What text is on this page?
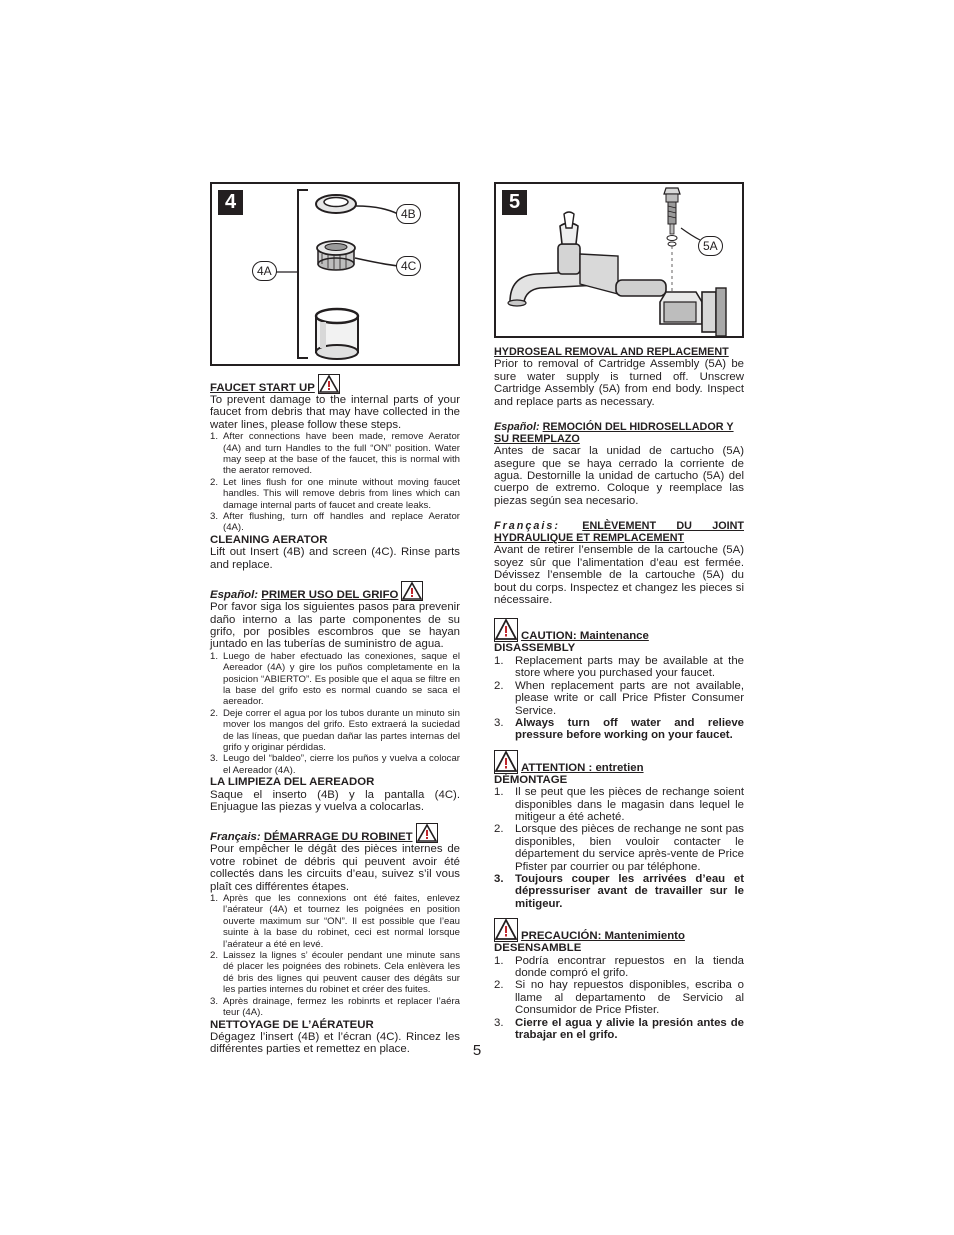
4
4B
4C
4A
FAUCET START UP

To prevent damage to the internal parts of your faucet from debris that may have collected in the water lines, please follow these steps.

1. After connections have been made, remove Aerator (4A) and turn Handles to the full “ON” position. Water may seep at the base of the faucet, this is normal with the aerator removed.
2. Let lines flush for one minute without moving faucet handles. This will remove debris from lines which can damage internal parts of faucet and create leaks.
3. After flushing, turn off handles and replace Aerator (4A).
CLEANING AERATOR

Lift out Insert (4B) and screen (4C). Rinse parts and replace.

Español: PRIMER USO DEL GRIFO

Por favor siga los siguientes pasos para prevenir daño interno a las parte componentes de su grifo, por posibles escombros que se hayan juntado en las tuberías de suministro de agua.

1. Luego de haber efectuado las conexiones, saque el Aereador (4A) y gire los puños completamente en la posicion “ABIERTO”. Es posible que el aqua se filtre en la base del grifo esto es normal cuando se saca el aereador.
2. Deje correr el agua por los tubos durante un minuto sin mover los mangos del grifo. Esto extraerá la suciedad de las líneas, que puedan dañar las partes internas del grifo y originar pérdidas.
3. Leugo del “baldeo”, cierre los puños y vuelva a colocar el Aereador (4A).
LA LIMPIEZA DEL AEREADOR

Saque el inserto (4B) y la pantalla (4C). Enjuague las piezas y vuelva a colocarlas.

Français: DÉMARRAGE DU ROBINET

Pour empêcher le dégât des pièces internes de votre robinet de débris qui peuvent avoir été collectés dans les circuits d’eau, suivez s’il vous plaît ces différentes étapes.

1. Après que les connexions ont été faites, enlevez l’aérateur (4A) et tournez les poignées en position ouverte maximum sur “ON”. Il est possible que l’eau suinte à la base du robinet, ceci est normal lorsque l’aérateur a été en levé.
2. Laissez la lignes s’ écouler pendant une minute sans dé placer les poignées des robinets. Cela enlèvera les dé bris des lignes qui peuvent causer des dégâts sur les parties internes du robinet et créer des fuites.
3. Après drainage, fermez les robinrts et replacer l’aéra teur (4A).
NETTOYAGE DE L’AÉRATEUR

Dégagez l’insert (4B) et l’écran (4C). Rincez les différentes parties et remettez en place.

5
5A
HYDROSEAL REMOVAL AND REPLACEMENT

Prior to removal of Cartridge Assembly (5A) be sure water supply is turned off. Unscrew Cartridge Assembly (5A) from end body. Inspect and replace parts as necessary.

Español: REMOCIÓN DEL HIDROSELLADOR Y SU REEMPLAZO

Antes de sacar la unidad de cartucho (5A) asegure que se haya cerrado la corriente de agua. Destornille la unidad de cartucho (5A) del cuerpo de extremo. Coloque y reemplace las piezas según sea necesario.

Français: ENLÈVEMENT DU JOINT HYDRAULIQUE ET REMPLACEMENT

Avant de retirer l’ensemble de la cartouche (5A) soyez sûr que l’alimentation d’eau est fermée. Dévissez l’ensemble de la cartouche (5A) du bout du corps. Inspectez et changez les pieces si nécessaire.

CAUTION: Maintenance
DISASSEMBLY
1.	Replacement parts may be available at the store where you purchased your faucet.
2.	When replacement parts are not available, please write or call Price Pfister Consumer Service.
3.	Always turn off water and relieve pressure before working on your faucet.
ATTENTION : entretien
DÉMONTAGE
1.	Il se peut que les pièces de rechange soient disponibles dans le magasin dans lequel le mitigeur a été acheté.
2.	Lorsque des pièces de rechange ne sont pas disponibles, bien vouloir contacter le département du service après-vente de Price Pfister par courrier ou par téléphone.
3.	Toujours couper les arrivées d’eau et dépressuriser avant de travailler sur le mitigeur.
PRECAUCIÓN: Mantenimiento
DESENSAMBLE
1.	Podría encontrar repuestos en la tienda donde compró el grifo.
2.	Si no hay repuestos disponibles, escriba o llame al departamento de Servicio al Consumidor de Price Pfister.
3.	Cierre el agua y alivie la presión antes de trabajar en el grifo.
5
